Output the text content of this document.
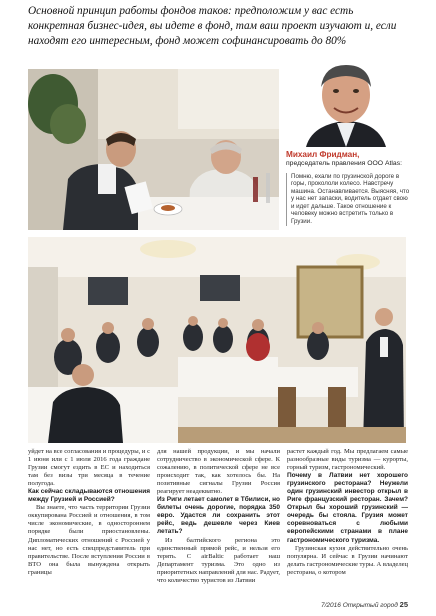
Основной принцип работы фондов таков: предположим у вас есть конкретная бизнес-идея, вы идете в фонд, там ваш проект изучают и, если находят его интересным, фонд может софинансировать до 80%
Михаил Фридман,
председатель правления ООО Atlas:
Помню, ехали по грузинской дороге в горы, прокололи колесо. Навстречу машина. Останавливается. Выясняя, что у нас нет запаски, водитель отдает свою и идет дальше. Такое отношение к человеку можно встретить только в Грузии.

уйдет на все согласования и процедуры, и с 1 июня или с 1 июля 2016 года граждане Грузии смогут ездить в ЕС и находиться там без визы три месяца в течение полугода.

Как сейчас складываются отношения между Грузией и Россией?

Вы знаете, что часть территории Грузии оккупирована Россией и отношения, в том числе экономические, в одностороннем порядке были приостановлены. Дипломатических отношений с Россией у нас нет, но есть спецпредставитель при правительстве. После вступления России в ВТО она была вынуждена открыть границы

для нашей продукции, и мы начали сотрудничество в экономической сфере. К сожалению, в политической сфере не все происходит так, как хотелось бы. На позитивные сигналы Грузии Россия реагирует неадекватно.

Из Риги летает самолет в Тбилиси, но билеты очень дорогие, порядка 350 евро. Удастся ли сохранить этот рейс, ведь дешевле через Киев летать?

Из балтийского региона это единственный прямой рейс, и нельзя его терять. С airBaltic работает наш Департамент туризма. Это одно из приоритетных направлений для нас. Радует, что количество туристов из Латвии

растет каждый год. Мы предлагаем самые разнообразные виды туризма — курорты, горный туризм, гастрономический.

Почему в Латвии нет хорошего грузинского ресторана? Неужели один грузинский инвестор открыл в Риге французский ресторан. Зачем? Открыл бы хороший грузинский — очередь бы стояла. Грузия может соревноваться с любыми европейскими странами в плане гастрономического туризма.

Грузинская кухня действительно очень популярна. И сейчас в Грузии начинают делать гастрономические туры. А владелец ресторана, о котором

7/2016 Открытый город 25
